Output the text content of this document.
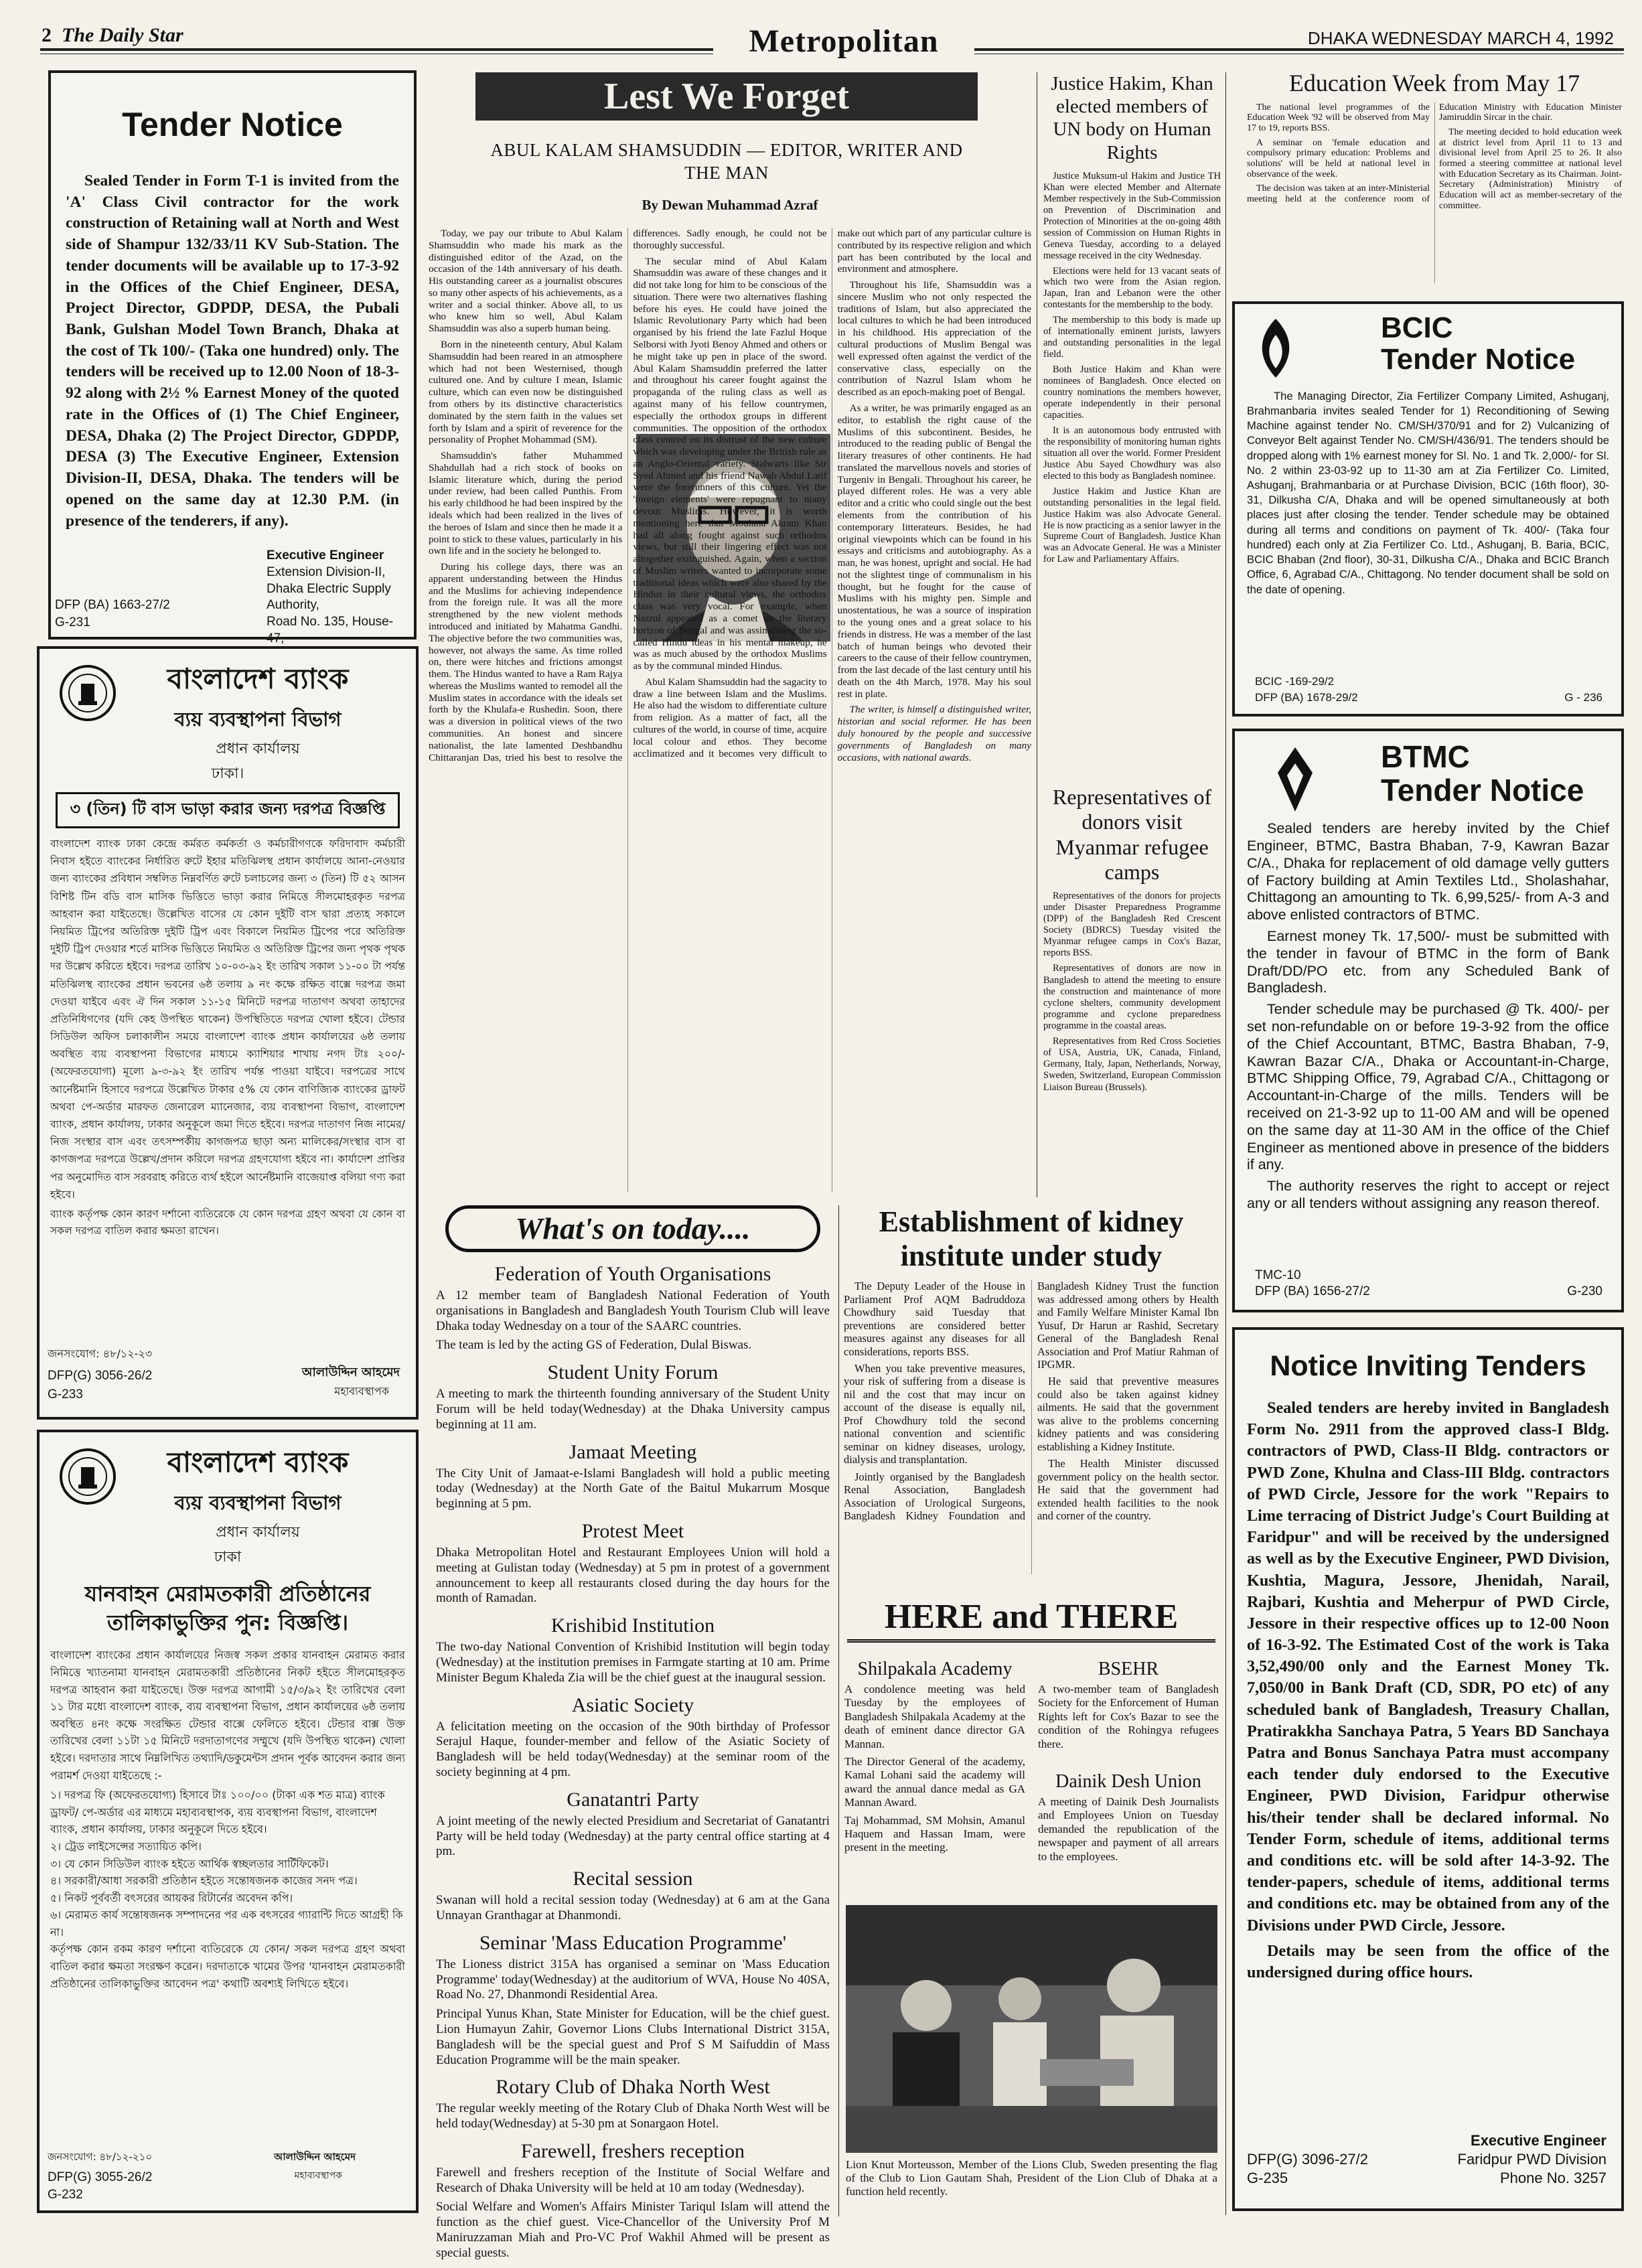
2 The Daily Star	Metropolitan	DHAKA WEDNESDAY MARCH 4, 1992
Tender Notice
Sealed Tender in Form T-1 is invited from the 'A' Class Civil contractor for the work construction of Retaining wall at North and West side of Shampur 132/33/11 KV Sub-Station. The tender documents will be available up to 17-3-92 in the Offices of the Chief Engineer, DESA, Project Director, GDPDP, DESA, the Pubali Bank, Gulshan Model Town Branch, Dhaka at the cost of Tk 100/- (Taka one hundred) only. The tenders will be received up to 12.00 Noon of 18-3-92 along with 2½ % Earnest Money of the quoted rate in the Offices of (1) The Chief Engineer, DESA, Dhaka (2) The Project Director, GDPDP, DESA (3) The Executive Engineer, Extension Division-II, DESA, Dhaka. The tenders will be opened on the same day at 12.30 P.M. (in presence of the tenderers, if any).
Executive Engineer
Extension Division-II,
Dhaka Electric Supply Authority,
Road No. 135, House-47,
DFP (BA) 1663-27/2
G-231
বাংলাদেশ ব্যাংক
ব্যয় ব্যবস্থাপনা বিভাগ
প্রধান কার্যালয়
ঢাকা।
৩ (তিন) টি বাস ভাড়া করার জন্য দরপত্র বিজ্ঞপ্তি
বাংলাদেশ ব্যাংক ঢাকা কেন্দ্রে কর্মরত কর্মকর্তা ও কর্মচারীগণকে ফরিদাবাদ কর্মচারী নিবাস হইতে ব্যাংকের নির্ধারিত রুটে ইহার মতিঝিলস্থ প্রধান কার্যালয়ে আনা-নেওয়ার জন্য ব্যাংকের প্রবিধান সম্বলিত নিম্নবর্ণিত রুটে চলাচলের জন্য ৩ (তিন) টি ৫২ আসন বিশিষ্ট টিন বডি বাস মাসিক ভিত্তিতে ভাড়া করার নিমিত্তে সীলমোহরকৃত দরপত্র আহবান করা যাইতেছে। উল্লেখিত বাসের যে কোন দুইটি বাস দ্বারা প্রত্যহ সকালে নিয়মিত ট্রিপের অতিরিক্ত দুইটি ট্রিপ এবং বিকালে নিয়মিত ট্রিপের পরে অতিরিক্ত দুইটি ট্রিপ দেওয়ার শর্তে মাসিক ভিত্তিতে নিয়মিত ও অতিরিক্ত ট্রিপের জন্য পৃথক পৃথক দর উল্লেখ করিতে হইবে। দরপত্র তারিখ ১০-০৩-৯২ ইং তারিখ সকাল ১১-০০ টা পর্যন্ত মতিঝিলস্থ ব্যাংকের প্রধান ভবনের ৬ষ্ঠ তলায় ৯ নং কক্ষে রক্ষিত বাক্সে দরপত্র জমা দেওয়া যাইবে এবং ঐ দিন সকাল ১১-১৫ মিনিটে দরপত্র দাতাগণ অথবা তাহাদের প্রতিনিধিগণের (যদি কেহ উপস্থিত থাকেন) উপস্থিতিতে দরপত্র খোলা হইবে। টেন্ডার সিডিউল অফিস চলাকালীন সময়ে বাংলাদেশ ব্যাংক প্রধান কার্যালয়ের ৬ষ্ঠ তলায় অবস্থিত ব্যয় ব্যবস্থাপনা বিভাগের মাধ্যমে ক্যাশিয়ার শাখায় নগদ টাঃ ২০০/- (অফেরতযোগ্য) মূল্যে ৯-৩-৯২ ইং তারিখ পর্যন্ত পাওয়া যাইবে। দরপত্রের সাথে আর্নেষ্টমানি হিসাবে দরপত্রে উল্লেখিত টাকার ৫% যে কোন বাণিজ্যিক ব্যাংকের ড্রাফট অথবা পে-অর্ডার মারফত জেনারেল ম্যানেজার, ব্যয় ব্যবস্থাপনা বিভাগ, বাংলাদেশ ব্যাংক, প্রধান কার্যালয়, ঢাকার অনুকূলে জমা দিতে হইবে। দরপত্র দাতাগণ নিজ নামের/নিজ সংস্থার বাস এবং তৎসম্পর্কীয় কাগজপত্র ছাড়া অন্য মালিকের/সংস্থার বাস বা কাগজপত্র দরপত্রে উল্লেখ/প্রদান করিলে দরপত্র গ্রহণযোগ্য হইবে না। কার্যাদেশ প্রাপ্তির পর অনুমোদিত বাস সরবরাহ করিতে ব্যর্থ হইলে আর্নেষ্টমানি বাজেয়াপ্ত বলিয়া গণ্য করা হইবে।
ব্যাংক কর্তৃপক্ষ কোন কারণ দর্শানো ব্যতিরেকে যে কোন দরপত্র গ্রহণ অথবা যে কোন বা সকল দরপত্র বাতিল করার ক্ষমতা রাখেন।
জনসংযোগ: ৪৮/১২-২৩
DFP(G) 3056-26/2
G-233
আলাউদ্দিন আহমেদ
মহাব্যবস্থাপক
বাংলাদেশ ব্যাংক
ব্যয় ব্যবস্থাপনা বিভাগ
প্রধান কার্যালয়
ঢাকা
যানবাহন মেরামতকারী প্রতিষ্ঠানের তালিকাভুক্তির পুন: বিজ্ঞপ্তি।
বাংলাদেশ ব্যাংকের প্রধান কার্যালয়ের নিজস্ব সকল প্রকার যানবাহন মেরামত করার নিমিত্তে খ্যাতনামা যানবাহন মেরামতকারী প্রতিষ্ঠানের নিকট হইতে সীলমোহরকৃত দরপত্র আহবান করা যাইতেছে। উক্ত দরপত্র আগামী ১৫/৩/৯২ ইং তারিখের বেলা ১১ টার মধ্যে বাংলাদেশ ব্যাংক, ব্যয় ব্যবস্থাপনা বিভাগ, প্রধান কার্যালয়ের ৬ষ্ঠ তলায় অবস্থিত ৪নং কক্ষে সংরক্ষিত টেন্ডার বাক্সে ফেলিতে হইবে। টেন্ডার বাক্স উক্ত তারিখের বেলা ১১টা ১৫ মিনিটে দরদাতাগণের সম্মুখে (যদি উপস্থিত থাকেন) খোলা হইবে। দরদাতার সাথে নিম্নলিখিত তথ্যাদি/ডকুমেন্টস প্রদান পূর্বক আবেদন করার জন্য পরামর্শ দেওয়া যাইতেছে :-
১। দরপত্র ফি (অফেরতযোগ্য) হিসাবে টাঃ ১০০/০০ (টাকা এক শত মাত্র) ব্যাংক ড্রাফট/ পে-অর্ডার এর মাধ্যমে মহাব্যবস্থাপক, ব্যয় ব্যবস্থাপনা বিভাগ, বাংলাদেশ ব্যাংক, প্রধান কার্যালয়, ঢাকার অনুকূলে দিতে হইবে।
২। ট্রেড লাইসেন্সের সত্যায়িত কপি।
৩। যে কোন সিডিউল ব্যাংক হইতে আর্থিক স্বচ্ছলতার সার্টিফিকেট।
৪। সরকারী/আধা সরকারী প্রতিষ্ঠান হইতে সন্তোষজনক কাজের সনদ পত্র।
৫। নিকট পূর্ববর্তী বৎসরের আয়কর রিটার্নের অবেদন কপি।
৬। মেরামত কার্য সন্তোষজনক সম্পাদনের পর এক বৎসরের গ্যারান্টি দিতে আগ্রহী কি না।
কর্তৃপক্ষ কোন রকম কারণ দর্শানো ব্যতিরেকে যে কোন/ সকল দরপত্র গ্রহণ অথবা বাতিল করার ক্ষমতা সংরক্ষণ করেন। দরদাতাকে খামের উপর 'যানবাহন মেরামতকারী প্রতিষ্ঠানের তালিকাভুক্তির আবেদন পত্র' কথাটি অবশ্যই লিখিতে হইবে।
জনসংযোগ: ৪৮/১২-২১০
DFP(G) 3055-26/2
G-232
আলাউদ্দিন আহমেদ
মহাব্যবস্থাপক
Lest We Forget
ABUL KALAM SHAMSUDDIN — EDITOR, WRITER AND THE MAN
By Dewan Muhammad Azraf

Today, we pay our tribute to Abul Kalam Shamsuddin who made his mark as the distinguished editor of the Azad, on the occasion of the 14th anniversary of his death. His outstanding career as a journalist obscures so many other aspects of his achievements, as a writer and a social thinker. Above all, to us who knew him so well, Abul Kalam Shamsuddin was also a superb human being.

Born in the nineteenth century, Abul Kalam Shamsuddin had been reared in an atmosphere which had not been Westernised, though cultured one. And by culture I mean, Islamic culture, which can even now be distinguished from others by its distinctive characteristics dominated by the stern faith in the values set forth by Islam and a spirit of reverence for the personality of Prophet Mohammad (SM).

Shamsuddin's father Muhammed Shahdullah had a rich stock of books on Islamic literature which, during the period under review, had been called Punthis. From his early childhood he had been inspired by the ideals which had been realized in the lives of the heroes of Islam and since then he made it a point to stick to these values, particularly in his own life and in the society he belonged to.

During his college days, there was an apparent understanding between the Hindus and the Muslims for achieving independence from the foreign rule. It was all the more strengthened by the new violent methods introduced and initiated by Mahatma Gandhi. The objective before the two communities was, however, not always the same. As time rolled on, there were hitches and frictions amongst them. The Hindus wanted to have a Ram Rajya whereas the Muslims wanted to remodel all the Muslim states in accordance with the ideals set forth by the Khulafa-e Rushedin. Soon, there was a diversion in political views of the two communities. An honest and sincere nationalist, the late lamented Deshbandhu Chittaranjan Das, tried his best to resolve the differences. Sadly enough, he could not be thoroughly successful.

The secular mind of Abul Kalam Shamsuddin was aware of these changes and it did not take long for him to be conscious of the situation. There were two alternatives flashing before his eyes. He could have joined the Islamic Revolutionary Party which had been organised by his friend the late Fazlul Hoque Selborsi with Jyoti Benoy Ahmed and others or he might take up pen in place of the sword. Abul Kalam Shamsuddin preferred the latter and throughout his career fought against the propaganda of the ruling class as well as against many of his fellow countrymen, especially the orthodox groups in different communities. The opposition of the orthodox class centred on its distrust of the new culture which was developing under the British rule as an Anglo-Oriental variety. Stalwarts like Sir Syed Ahmed and his friend Nawab Abdul Latif were the forerunners of this culture. Yet the 'foreign elements' were repugnant to many devout Muslims. However, it is worth mentioning here that Moulana Akram Khan had all along fought against such orthodox views, but still their lingering effect was not altogether extinguished. Again, when a section of Muslim writers wanted to incorporate some traditional ideas which were also shared by the Hindus in their cultural views, the orthodox class was very vocal. For example, when Nazrul appeared as a comet on the literary horizon of Bengal and was assimilating the so-called Hindu ideas in his mental makeup, he was as much abused by the orthodox Muslims as by the communal minded Hindus.

Abul Kalam Shamsuddin had the sagacity to draw a line between Islam and the Muslims. He also had the wisdom to differentiate culture from religion. As a matter of fact, all the cultures of the world, in course of time, acquire local colour and ethos. They become acclimatized and it becomes very difficult to make out which part of any particular culture is contributed by its respective religion and which part has been contributed by the local and environment and atmosphere.

Throughout his life, Shamsuddin was a sincere Muslim who not only respected the traditions of Islam, but also appreciated the local cultures to which he had been introduced in his childhood. His appreciation of the cultural productions of Muslim Bengal was well expressed often against the verdict of the conservative class, especially on the contribution of Nazrul Islam whom he described as an epoch-making poet of Bengal.

As a writer, he was primarily engaged as an editor, to establish the right cause of the Muslims of this subcontinent. Besides, he introduced to the reading public of Bengal the literary treasures of other continents. He had translated the marvellous novels and stories of Turgeniv in Bengali. Throughout his career, he played different roles. He was a very able editor and a critic who could single out the best elements from the contribution of his contemporary litterateurs. Besides, he had original viewpoints which can be found in his essays and criticisms and autobiography. As a man, he was honest, upright and social. He had not the slightest tinge of communalism in his thought, but he fought for the cause of Muslims with his mighty pen. Simple and unostentatious, he was a source of inspiration to the young ones and a great solace to his friends in distress. He was a member of the last batch of human beings who devoted their careers to the cause of their fellow countrymen, from the last decade of the last century until his death on the 4th March, 1978. May his soul rest in plate.

The writer, is himself a distinguished writer, historian and social reformer. He has been duly honoured by the people and successive governments of Bangladesh on many occasions, with national awards.

What's on today....
Federation of Youth Organisations

A 12 member team of Bangladesh National Federation of Youth organisations in Bangladesh and Bangladesh Youth Tourism Club will leave Dhaka today Wednesday on a tour of the SAARC countries.

The team is led by the acting GS of Federation, Dulal Biswas.

Student Unity Forum

A meeting to mark the thirteenth founding anniversary of the Student Unity Forum will be held today(Wednesday) at the Dhaka University campus beginning at 11 am.

Jamaat Meeting

The City Unit of Jamaat-e-Islami Bangladesh will hold a public meeting today (Wednesday) at the North Gate of the Baitul Mukarrum Mosque beginning at 5 pm.

Protest Meet

Dhaka Metropolitan Hotel and Restaurant Employees Union will hold a meeting at Gulistan today (Wednesday) at 5 pm in protest of a government announcement to keep all restaurants closed during the day hours for the month of Ramadan.

Krishibid Institution

The two-day National Convention of Krishibid Institution will begin today (Wednesday) at the institution premises in Farmgate starting at 10 am. Prime Minister Begum Khaleda Zia will be the chief guest at the inaugural session.

Asiatic Society

A felicitation meeting on the occasion of the 90th birthday of Professor Serajul Haque, founder-member and fellow of the Asiatic Society of Bangladesh will be held today(Wednesday) at the seminar room of the society beginning at 4 pm.

Ganatantri Party

A joint meeting of the newly elected Presidium and Secretariat of Ganatantri Party will be held today (Wednesday) at the party central office starting at 4 pm.

Recital session

Swanan will hold a recital session today (Wednesday) at 6 am at the Gana Unnayan Granthagar at Dhanmondi.

Seminar 'Mass Education Programme'

The Lioness district 315A has organised a seminar on 'Mass Education Programme' today(Wednesday) at the auditorium of WVA, House No 40SA, Road No. 27, Dhanmondi Residential Area.

Principal Yunus Khan, State Minister for Education, will be the chief guest. Lion Humayun Zahir, Governor Lions Clubs International District 315A, Bangladesh will be the special guest and Prof S M Saifuddin of Mass Education Programme will be the main speaker.

Rotary Club of Dhaka North West

The regular weekly meeting of the Rotary Club of Dhaka North West will be held today(Wednesday) at 5-30 pm at Sonargaon Hotel.

Farewell, freshers reception

Farewell and freshers reception of the Institute of Social Welfare and Research of Dhaka University will be held at 10 am today (Wednesday).

Social Welfare and Women's Affairs Minister Tariqul Islam will attend the function as the chief guest. Vice-Chancellor of the University Prof M Maniruzzaman Miah and Pro-VC Prof Wakhil Ahmed will be present as special guests.

Establishment of kidney institute under study

The Deputy Leader of the House in Parliament Prof AQM Badruddoza Chowdhury said Tuesday that preventions are considered better measures against any diseases for all considerations, reports BSS.

When you take preventive measures, your risk of suffering from a disease is nil and the cost that may incur on account of the disease is equally nil, Prof Chowdhury told the second national convention and scientific seminar on kidney diseases, urology, dialysis and transplantation.

Jointly organised by the Bangladesh Renal Association, Bangladesh Association of Urological Surgeons, Bangladesh Kidney Foundation and Bangladesh Kidney Trust the function was addressed among others by Health and Family Welfare Minister Kamal Ibn Yusuf, Dr Harun ar Rashid, Secretary General of the Bangladesh Renal Association and Prof Matiur Rahman of IPGMR.

He said that preventive measures could also be taken against kidney ailments. He said that the government was alive to the problems concerning kidney patients and was considering establishing a Kidney Institute.

The Health Minister discussed government policy on the health sector. He said that the government had extended health facilities to the nook and corner of the country.

HERE and THERE
Shilpakala Academy

A condolence meeting was held Tuesday by the employees of Bangladesh Shilpakala Academy at the death of eminent dance director GA Mannan.

The Director General of the academy, Kamal Lohani said the academy will award the annual dance medal as GA Mannan Award.

Taj Mohammad, SM Mohsin, Amanul Haquem and Hassan Imam, were present in the meeting.

BSEHR

A two-member team of Bangladesh Society for the Enforcement of Human Rights left for Cox's Bazar to see the condition of the Rohingya refugees there.

Dainik Desh Union

A meeting of Dainik Desh Journalists and Employees Union on Tuesday demanded the republication of the newspaper and payment of all arrears to the employees.

Lion Knut Morteusson, Member of the Lions Club, Sweden presenting the flag of the Club to Lion Gautam Shah, President of the Lion Club of Dhaka at a function held recently.
Justice Hakim, Khan elected members of UN body on Human Rights

Justice Muksum-ul Hakim and Justice TH Khan were elected Member and Alternate Member respectively in the Sub-Commission on Prevention of Discrimination and Protection of Minorities at the on-going 48th session of Commission on Human Rights in Geneva Tuesday, according to a delayed message received in the city Wednesday.

Elections were held for 13 vacant seats of which two were from the Asian region. Japan, Iran and Lebanon were the other contestants for the membership to the body.

The membership to this body is made up of internationally eminent jurists, lawyers and outstanding personalities in the legal field.

Both Justice Hakim and Khan were nominees of Bangladesh. Once elected on country nominations the members however, operate independently in their personal capacities.

It is an autonomous body entrusted with the responsibility of monitoring human rights situation all over the world. Former President Justice Abu Sayed Chowdhury was also elected to this body as Bangladesh nominee.

Justice Hakim and Justice Khan are outstanding personalities in the legal field. Justice Hakim was also Advocate General. He is now practicing as a senior lawyer in the Supreme Court of Bangladesh. Justice Khan was an Advocate General. He was a Minister for Law and Parliamentary Affairs.

Representatives of donors visit Myanmar refugee camps

Representatives of the donors for projects under Disaster Preparedness Programme (DPP) of the Bangladesh Red Crescent Society (BDRCS) Tuesday visited the Myanmar refugee camps in Cox's Bazar, reports BSS.

Representatives of donors are now in Bangladesh to attend the meeting to ensure the construction and maintenance of more cyclone shelters, community development programme and cyclone preparedness programme in the coastal areas.

Representatives from Red Cross Societies of USA, Austria, UK, Canada, Finland, Germany, Italy, Japan, Netherlands, Norway, Sweden, Switzerland, European Commission Liaison Bureau (Brussels).

Education Week from May 17

The national level programmes of the Education Week '92 will be observed from May 17 to 19, reports BSS.

A seminar on 'female education and compulsory primary education: Problems and solutions' will be held at national level in observance of the week.

The decision was taken at an inter-Ministerial meeting held at the conference room of Education Ministry with Education Minister Jamiruddin Sircar in the chair.

The meeting decided to hold education week at district level from April 11 to 13 and divisional level from April 25 to 26. It also formed a steering committee at national level with Education Secretary as its Chairman. Joint-Secretary (Administration) Ministry of Education will act as member-secretary of the committee.

BCIC
Tender Notice
The Managing Director, Zia Fertilizer Company Limited, Ashuganj, Brahmanbaria invites sealed Tender for 1) Reconditioning of Sewing Machine against tender No. CM/SH/370/91 and for 2) Vulcanizing of Conveyor Belt against Tender No. CM/SH/436/91. The tenders should be dropped along with 1% earnest money for Sl. No. 1 and Tk. 2,000/- for Sl. No. 2 within 23-03-92 up to 11-30 am at Zia Fertilizer Co. Limited, Ashuganj, Brahmanbaria or at Purchase Division, BCIC (16th floor), 30-31, Dilkusha C/A, Dhaka and will be opened simultaneously at both places just after closing the tender. Tender schedule may be obtained during all terms and conditions on payment of Tk. 400/- (Taka four hundred) each only at Zia Fertilizer Co. Ltd., Ashuganj, B. Baria, BCIC, BCIC Bhaban (2nd floor), 30-31, Dilkusha C/A., Dhaka and BCIC Branch Office, 6, Agrabad C/A., Chittagong. No tender document shall be sold on the date of opening.
BCIC -169-29/2
DFP (BA) 1678-29/2	G - 236
BTMC
Tender Notice

Sealed tenders are hereby invited by the Chief Engineer, BTMC, Bastra Bhaban, 7-9, Kawran Bazar C/A., Dhaka for replacement of old damage velly gutters of Factory building at Amin Textiles Ltd., Sholashahar, Chittagong an amounting to Tk. 6,99,525/- from A-3 and above enlisted contractors of BTMC.

Earnest money Tk. 17,500/- must be submitted with the tender in favour of BTMC in the form of Bank Draft/DD/PO etc. from any Scheduled Bank of Bangladesh.

Tender schedule may be purchased @ Tk. 400/- per set non-refundable on or before 19-3-92 from the office of the Chief Accountant, BTMC, Bastra Bhaban, 7-9, Kawran Bazar C/A., Dhaka or Accountant-in-Charge, BTMC Shipping Office, 79, Agrabad C/A., Chittagong or Accountant-in-Charge of the mills. Tenders will be received on 21-3-92 up to 11-00 AM and will be opened on the same day at 11-30 AM in the office of the Chief Engineer as mentioned above in presence of the bidders if any.

The authority reserves the right to accept or reject any or all tenders without assigning any reason thereof.

TMC-10
DFP (BA) 1656-27/2	G-230
Notice Inviting Tenders

Sealed tenders are hereby invited in Bangladesh Form No. 2911 from the approved class-I Bldg. contractors of PWD, Class-II Bldg. contractors or PWD Zone, Khulna and Class-III Bldg. contractors of PWD Circle, Jessore for the work "Repairs to Lime terracing of District Judge's Court Building at Faridpur" and will be received by the undersigned as well as by the Executive Engineer, PWD Division, Kushtia, Magura, Jessore, Jhenidah, Narail, Rajbari, Kushtia and Meherpur of PWD Circle, Jessore in their respective offices up to 12-00 Noon of 16-3-92. The Estimated Cost of the work is Taka 3,52,490/00 only and the Earnest Money Tk. 7,050/00 in Bank Draft (CD, SDR, PO etc) of any scheduled bank of Bangladesh, Treasury Challan, Pratirakkha Sanchaya Patra, 5 Years BD Sanchaya Patra and Bonus Sanchaya Patra must accompany each tender duly endorsed to the Executive Engineer, PWD Division, Faridpur otherwise his/their tender shall be declared informal. No Tender Form, schedule of items, additional terms and conditions etc. will be sold after 14-3-92. The tender-papers, schedule of items, additional terms and conditions etc. may be obtained from any of the Divisions under PWD Circle, Jessore.

Details may be seen from the office of the undersigned during office hours.

Executive Engineer
Faridpur PWD Division
Phone No. 3257
DFP(G) 3096-27/2
G-235
